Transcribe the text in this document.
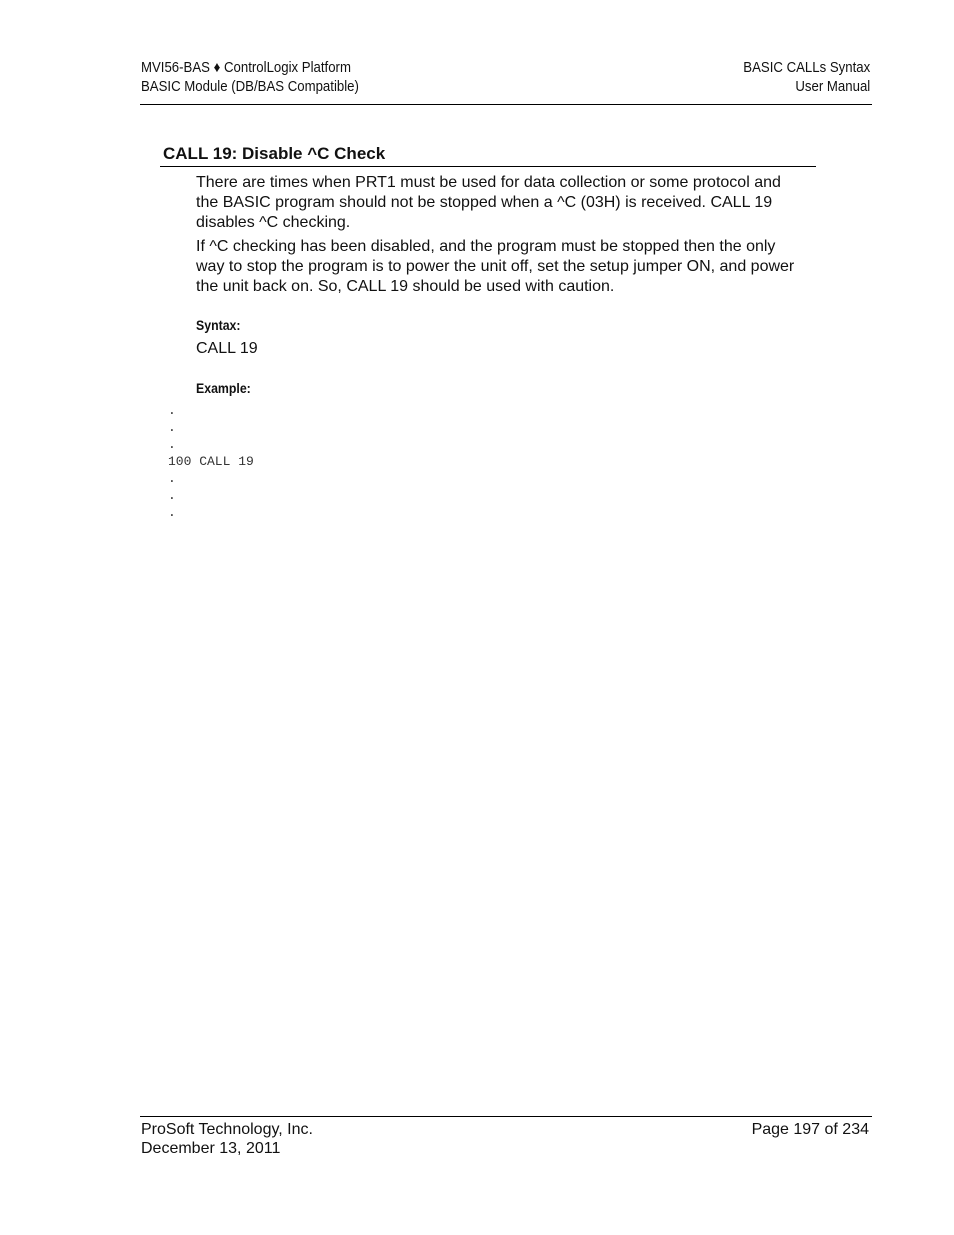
MVI56-BAS ♦ ControlLogix Platform
BASIC Module (DB/BAS Compatible)
BASIC CALLs Syntax
User Manual
CALL 19: Disable ^C Check

There are times when PRT1 must be used for data collection or some protocol and the BASIC program should not be stopped when a ^C (03H) is received. CALL 19 disables ^C checking.

If ^C checking has been disabled, and the program must be stopped then the only way to stop the program is to power the unit off, set the setup jumper ON, and power the unit back on. So, CALL 19 should be used with caution.

Syntax:
CALL 19
Example:
.
.
.
100 CALL 19
.
.
.
ProSoft Technology, Inc.
December 13, 2011
Page 197 of 234
